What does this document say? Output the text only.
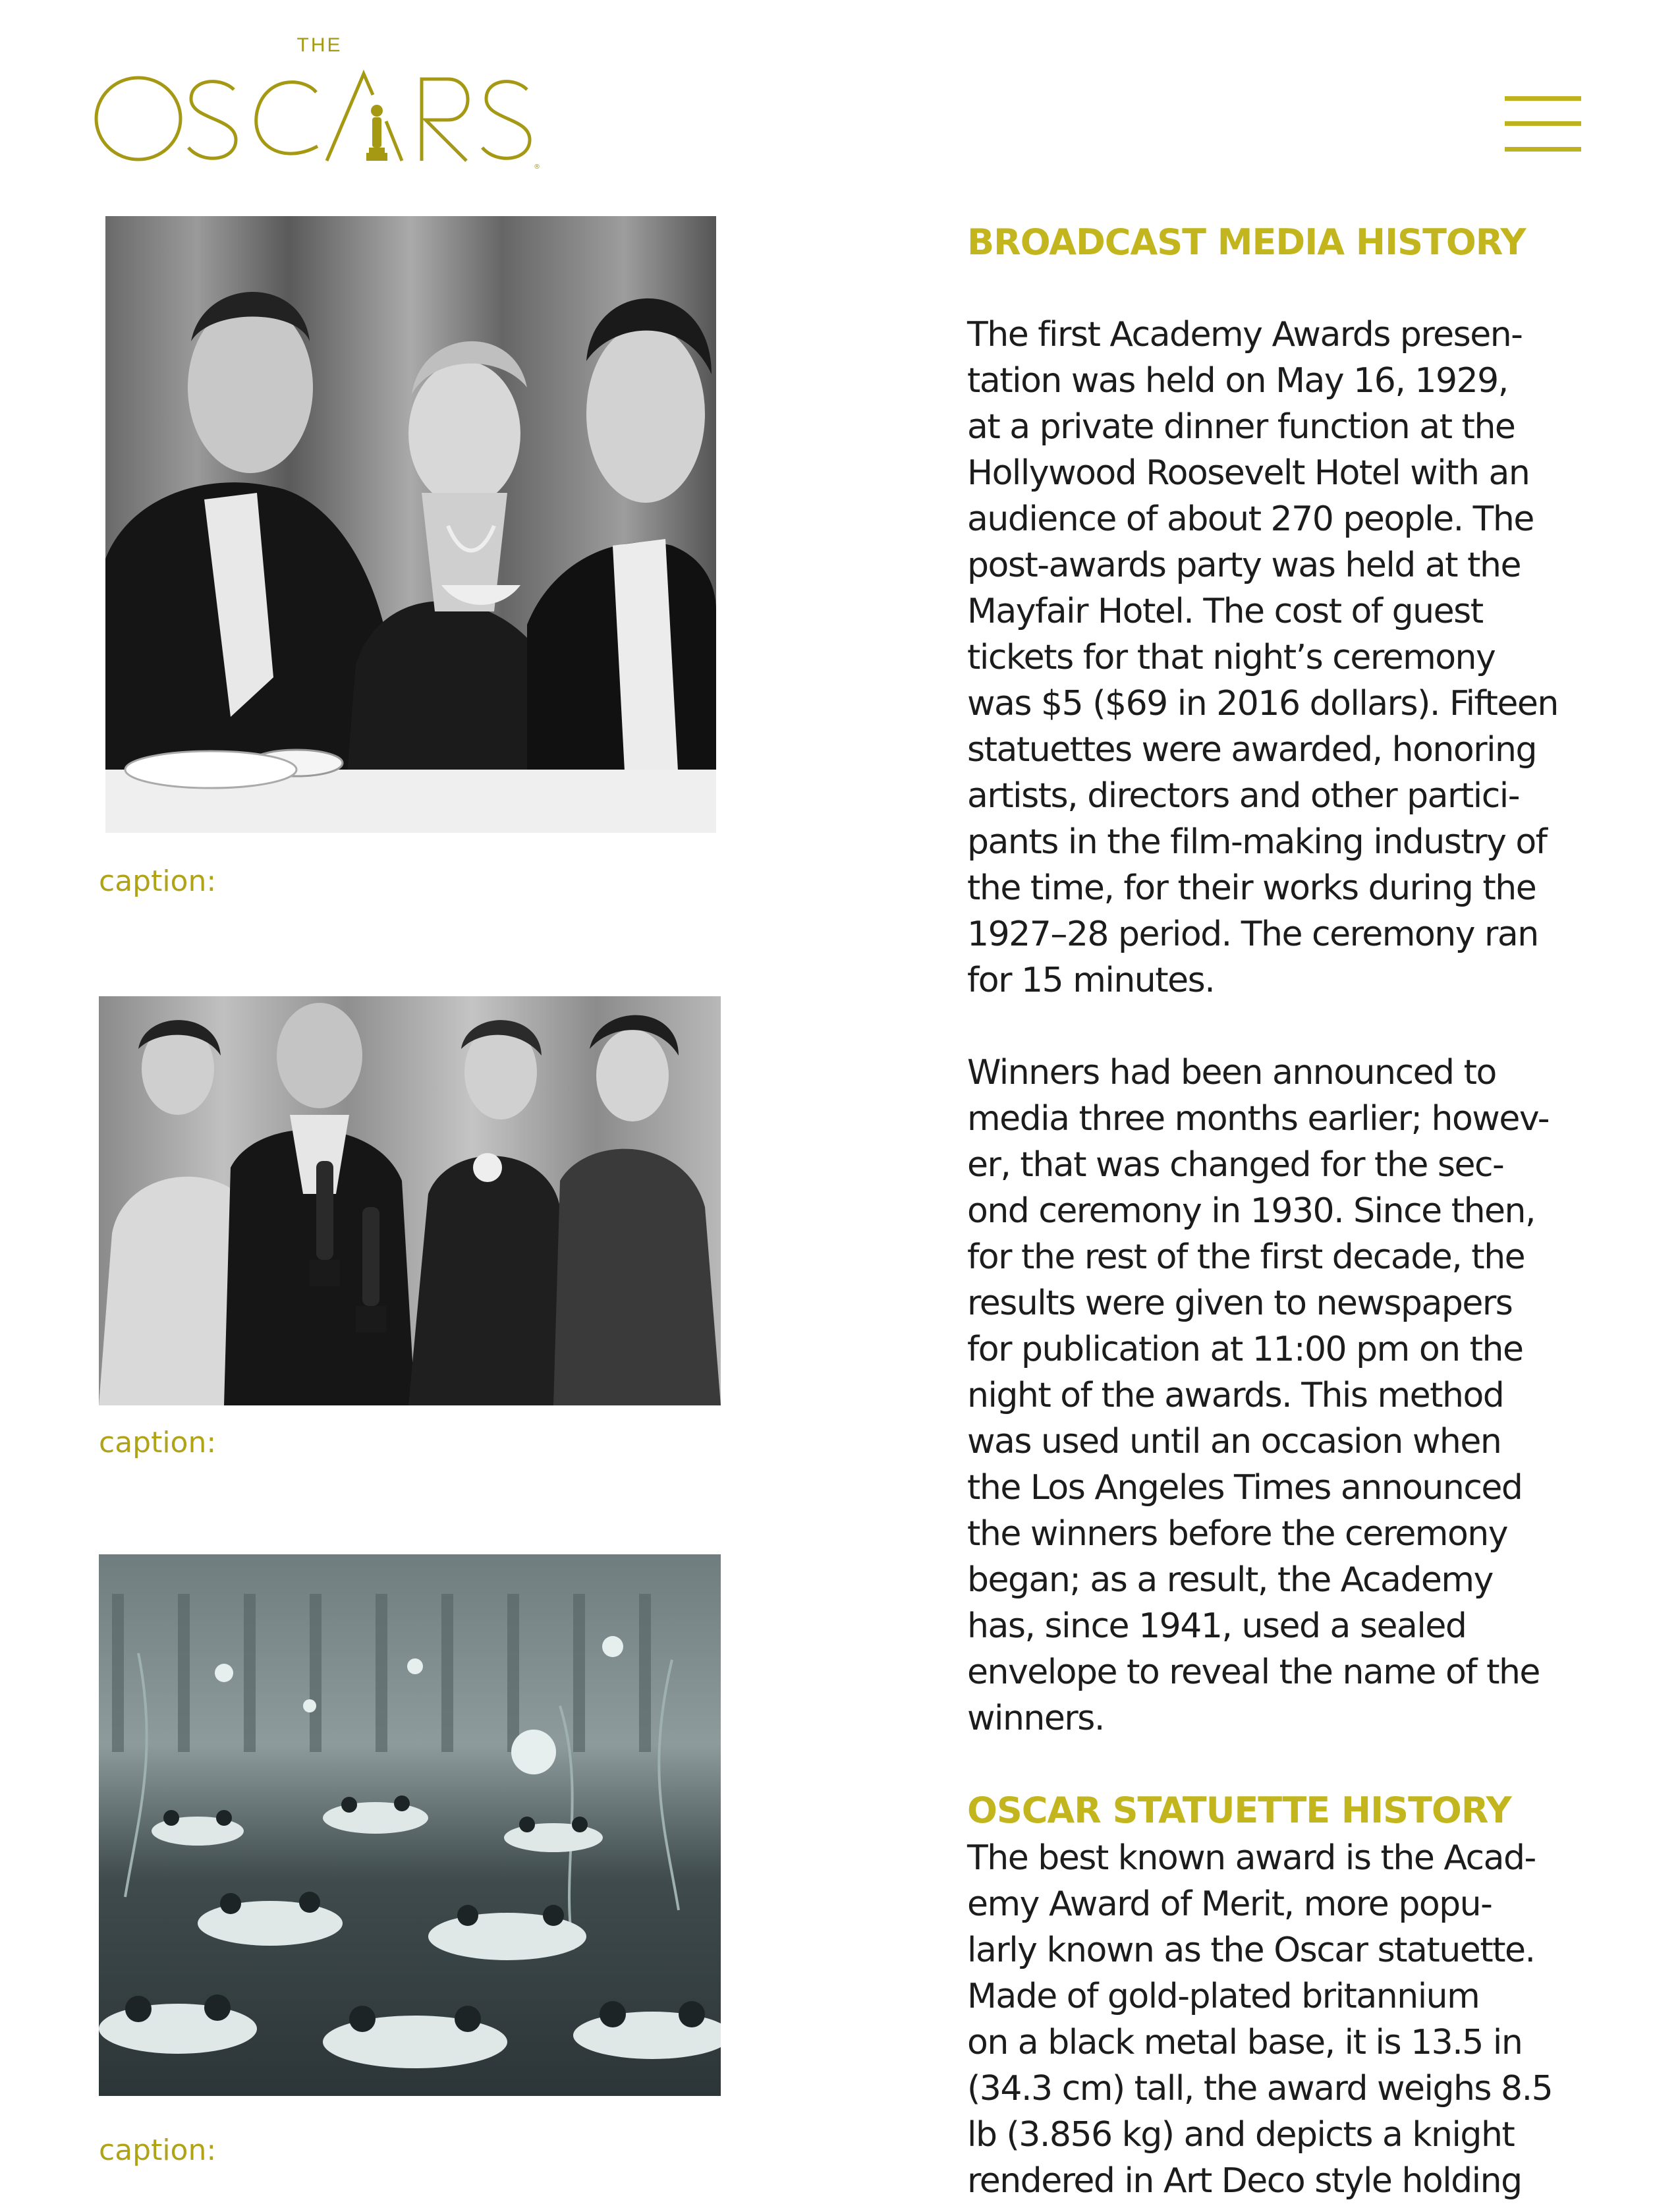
THE
®
caption:
caption:
caption:
BROADCAST MEDIA HISTORY
The first Academy Awards presen-
tation was held on May 16, 1929,
at a private dinner function at the
Hollywood Roosevelt Hotel with an
audience of about 270 people. The
post-awards party was held at the
Mayfair Hotel. The cost of guest
tickets for that night’s ceremony
was $5 ($69 in 2016 dollars). Fifteen
statuettes were awarded, honoring
artists, directors and other partici-
pants in the film-making industry of
the time, for their works during the
1927–28 period. The ceremony ran
for 15 minutes.
Winners had been announced to
media three months earlier; howev-
er, that was changed for the sec-
ond ceremony in 1930. Since then,
for the rest of the first decade, the
results were given to newspapers
for publication at 11:00 pm on the
night of the awards. This method
was used until an occasion when
the Los Angeles Times announced
the winners before the ceremony
began; as a result, the Academy
has, since 1941, used a sealed
envelope to reveal the name of the
winners.
OSCAR STATUETTE HISTORY
The best known award is the Acad-
emy Award of Merit, more popu-
larly known as the Oscar statuette.
Made of gold-plated britannium
on a black metal base, it is 13.5 in
(34.3 cm) tall, the award weighs 8.5
lb (3.856 kg) and depicts a knight
rendered in Art Deco style holding
